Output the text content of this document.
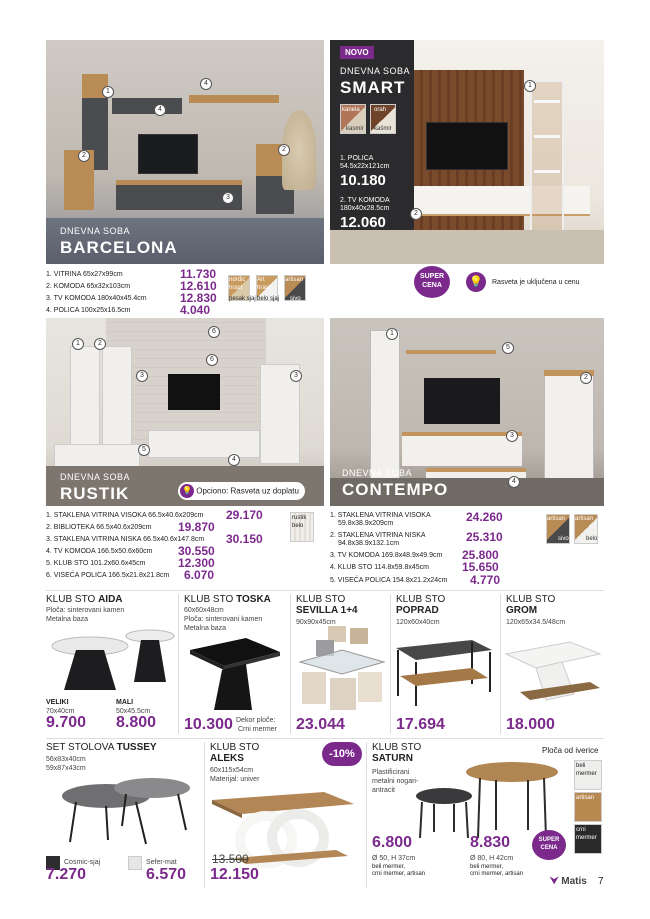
1
4
4
2
2
3
DNEVNA SOBA
BARCELONA
1. VITRINA 65x27x99cm	11.730
2. KOMODA 65x32x103cm	12.610
3. TV KOMODA 180x40x45.4cm	12.830
4. POLICA 100x25x16.5cm	4.040
nordic hrast
pesak sjaj
Art hrast
belo sjaj
artisan
sivo
1
2
NOVO
DNEVNA SOBA
SMART
kanela
kasmir
orah
kašmir
1. POLICA
54.5x22x121cm
10.180
2. TV KOMODA
180x40x28.5cm
12.060
SUPER
CENA	💡	Rasveta je uključena u cenu
1	2
6
6
3	3
5
4
DNEVNA SOBA
RUSTIK	💡 Opciono: Rasveta uz doplatu
1. STAKLENA VITRINA VISOKA 66.5x40.6x209cm 29.170
2. BIBLIOTEKA 66.5x40.6x209cm 19.870
3. STAKLENA VITRINA NISKA 66.5x40.6x147.8cm 30.150
4. TV KOMODA 166.5x50.6x60cm 30.550
5. KLUB STO 101.2x60.6x45cm	12.300
6. VISEĆA POLICA 166.5x21.8x21.8cm 6.070
rustik
belo
1
5
2
3
4
DNEVNA SOBA
CONTEMPO
1. STAKLENA VITRINA VISOKA
59.8x38.9x209cm	24.260
2. STAKLENA VITRINA NISKA
94.8x38.9x132.1cm	25.310
3. TV KOMODA 169.8x48.9x49.9cm 25.800
4. KLUB STO 114.8x59.8x45cm	15.650
5. VISEĆA POLICA 154.8x21.2x24cm 4.770
artisan
sivo
artisan
belo
KLUB STO AIDA
Ploča: sinterovani kamen
Metalna baza
VELIKI
70x40cm
9.700
MALI
50x45.5cm
8.800
KLUB STO TOSKA
60x60x48cm
Ploča: sinterovani kamen
Metalna baza
10.300 Dekor ploče:
Crni mermer
KLUB STO
SEVILLA 1+4
90x90x45cm
23.044
KLUB STO
POPRAD
120x60x40cm
17.694
KLUB STO
GROM
120x65x34.5/48cm
18.000
SET STOLOVA TUSSEY
56x83x40cm
59x87x43cm
Cosmic-sjaj
7.270
Sefer-mat
6.570
KLUB STO
ALEKS
60x115x54cm
Materijal: univer
-10%
13.500
12.150
KLUB STO
SATURN
Plastificirani
metalni nogari-
antracit
Ploča od iverice
beli mermer
artisan
crni mermer
SUPER
CENA
6.800
Ø 50, H 37cm
beli mermer,
crni mermer, artisan
8.830
Ø 80, H 42cm
beli mermer,
crni mermer, artisan
⮟ Matis 7
